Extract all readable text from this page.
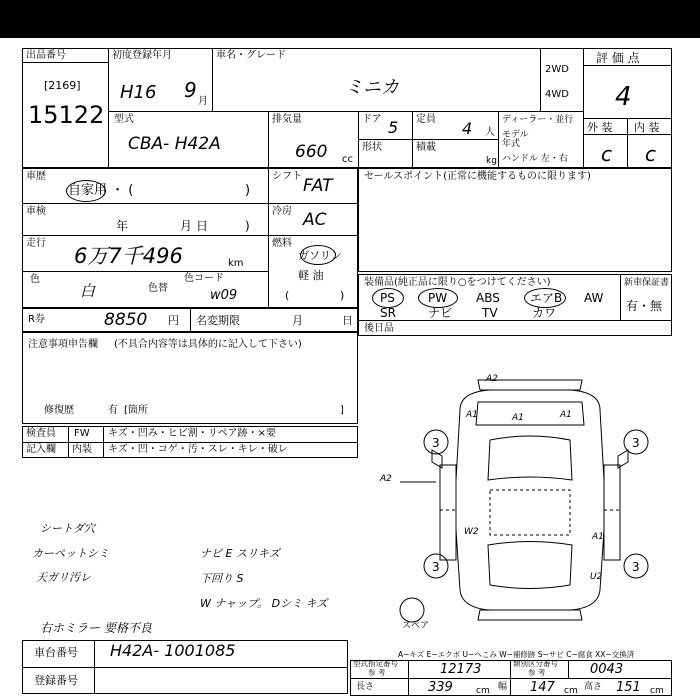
出品番号
[2169]
15122
初度登録年月
H16 9 月
車名・グレード
ミニカ
2WD
4WD
評 価 点
4
外 装 内 装
c c
型式
CBA- H42A
排気量
660 cc
ドア 5
形状
定員 4 人
積載
kg
ディーラー・並行
モデル年式
ハンドル 左・右
車歴
自家用 ・ (	)
車検
年	月 日	)
走行
6万7千496	km
色
白	色替
色コード
w09
シフト FAT
冷房 AC
燃料
ガソリン
軽 油
(	)
R券	8850 円 名変期限	月	日
注意事項申告欄 (不具合内容等は具体的に記入して下さい)
修復歴	有 [箇所	]
検査員 FW キズ・凹み・ヒビ割・リペア跡・×要
記入欄 内装 キズ・凹・コゲ・汚・スレ・キレ・破レ
セールスポイント(正常に機能するものに限ります)
装備品(純正品に限り○をつけてください)	新車保証書
有・無
PS	PW ABS	エアB AW
SR	ナビ TV	カワ
後日品
3	3
3	3
A2
A1	A1	A1
A2
W2
U2
A1
スペア
シートダ穴
カーペットシミ
天ガリ汚レ
ナビ E スリキズ
下回り S
W ナャップ。 Dシミ キズ
右ホミラー 要格不良
A−キズ E−エクボ U−へこみ W−補修跡 S−サビ C−腐食 XX−交換済
車台番号 H42A- 1001085
登録番号
型式指定番号
参 考	12173	類別区分番号
参 考	0043
長さ	339	cm 幅 147 cm 高さ 151 cm
